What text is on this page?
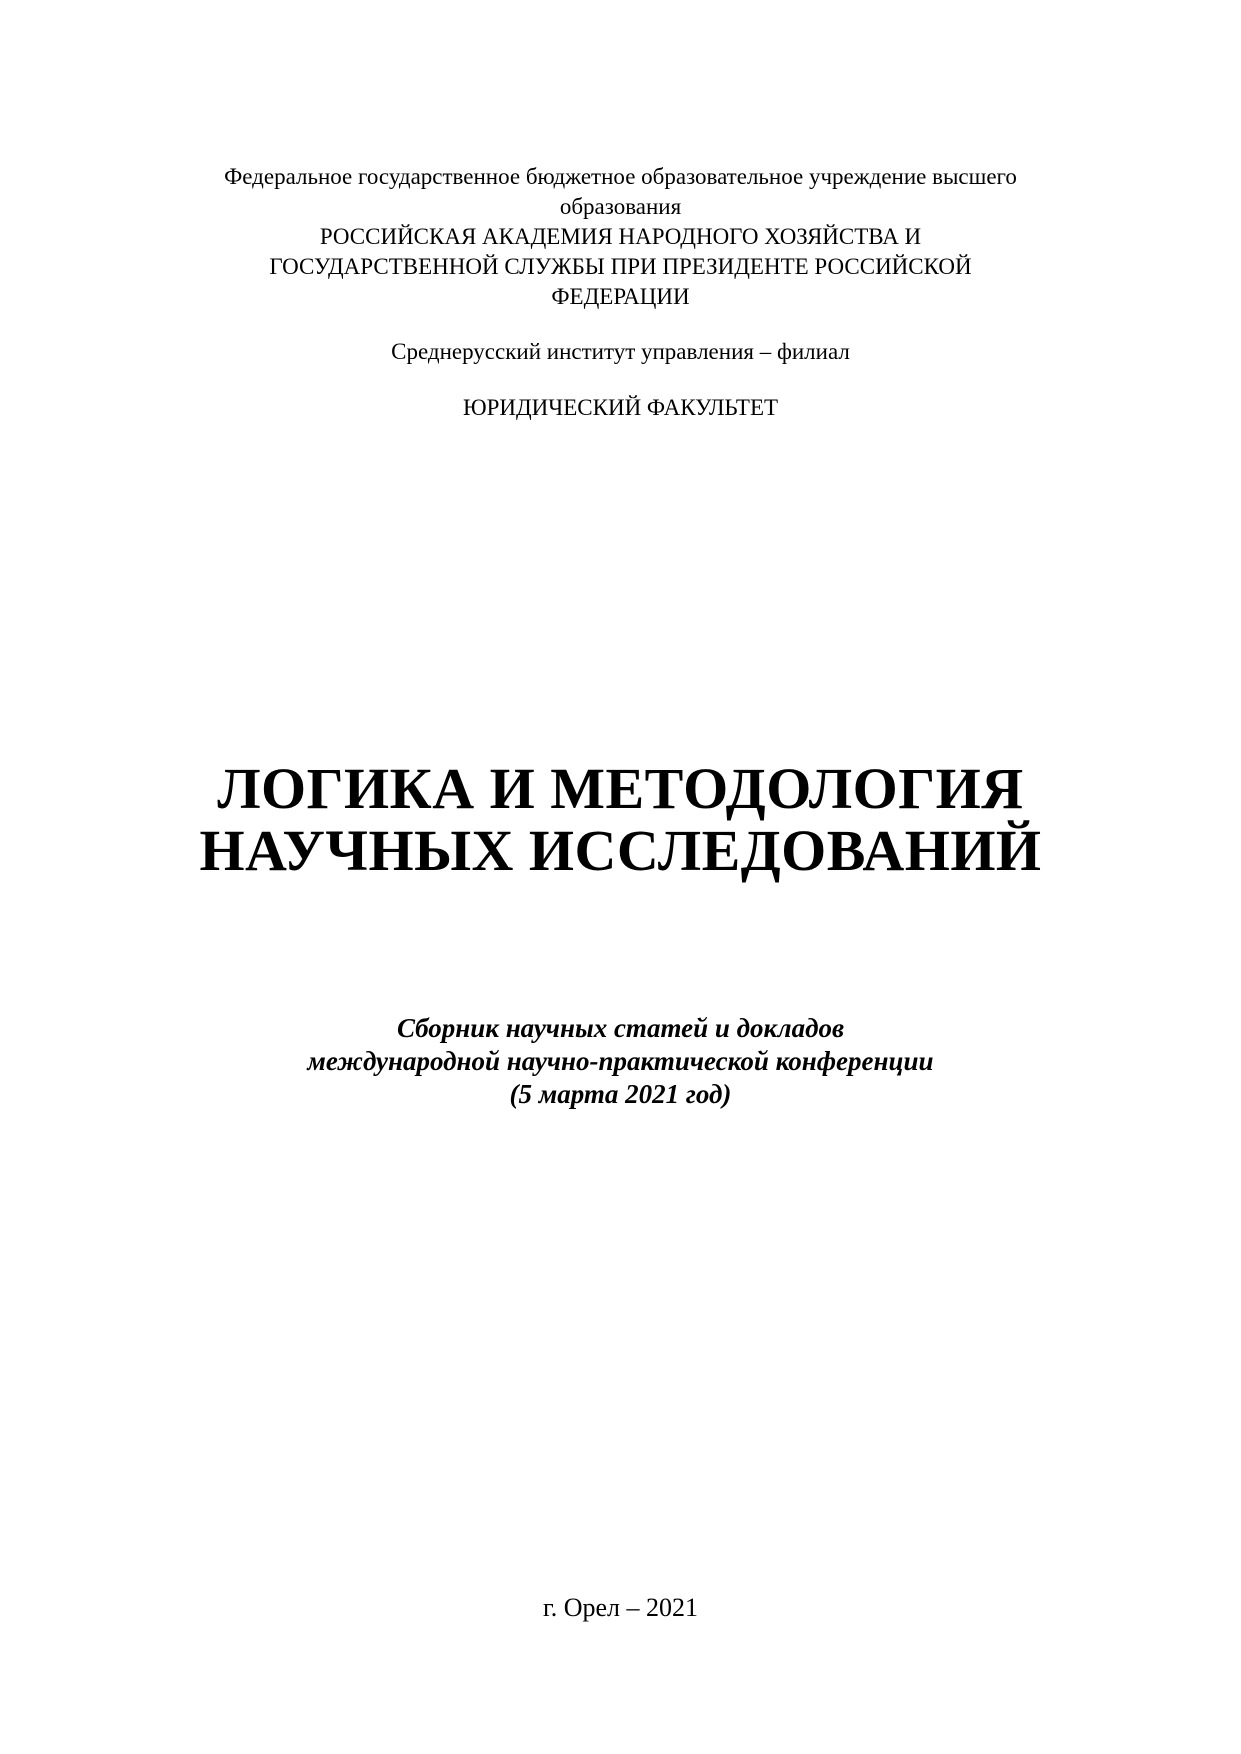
Федеральное государственное бюджетное образовательное учреждение высшего
образования
РОССИЙСКАЯ АКАДЕМИЯ НАРОДНОГО ХОЗЯЙСТВА И
ГОСУДАРСТВЕННОЙ СЛУЖБЫ ПРИ ПРЕЗИДЕНТЕ РОССИЙСКОЙ
ФЕДЕРАЦИИ
Среднерусский институт управления – филиал
ЮРИДИЧЕСКИЙ ФАКУЛЬТЕТ
ЛОГИКА И МЕТОДОЛОГИЯ
НАУЧНЫХ ИССЛЕДОВАНИЙ
Сборник научных статей и докладов
международной научно-практической конференции
(5 марта 2021 год)
г. Орел – 2021
